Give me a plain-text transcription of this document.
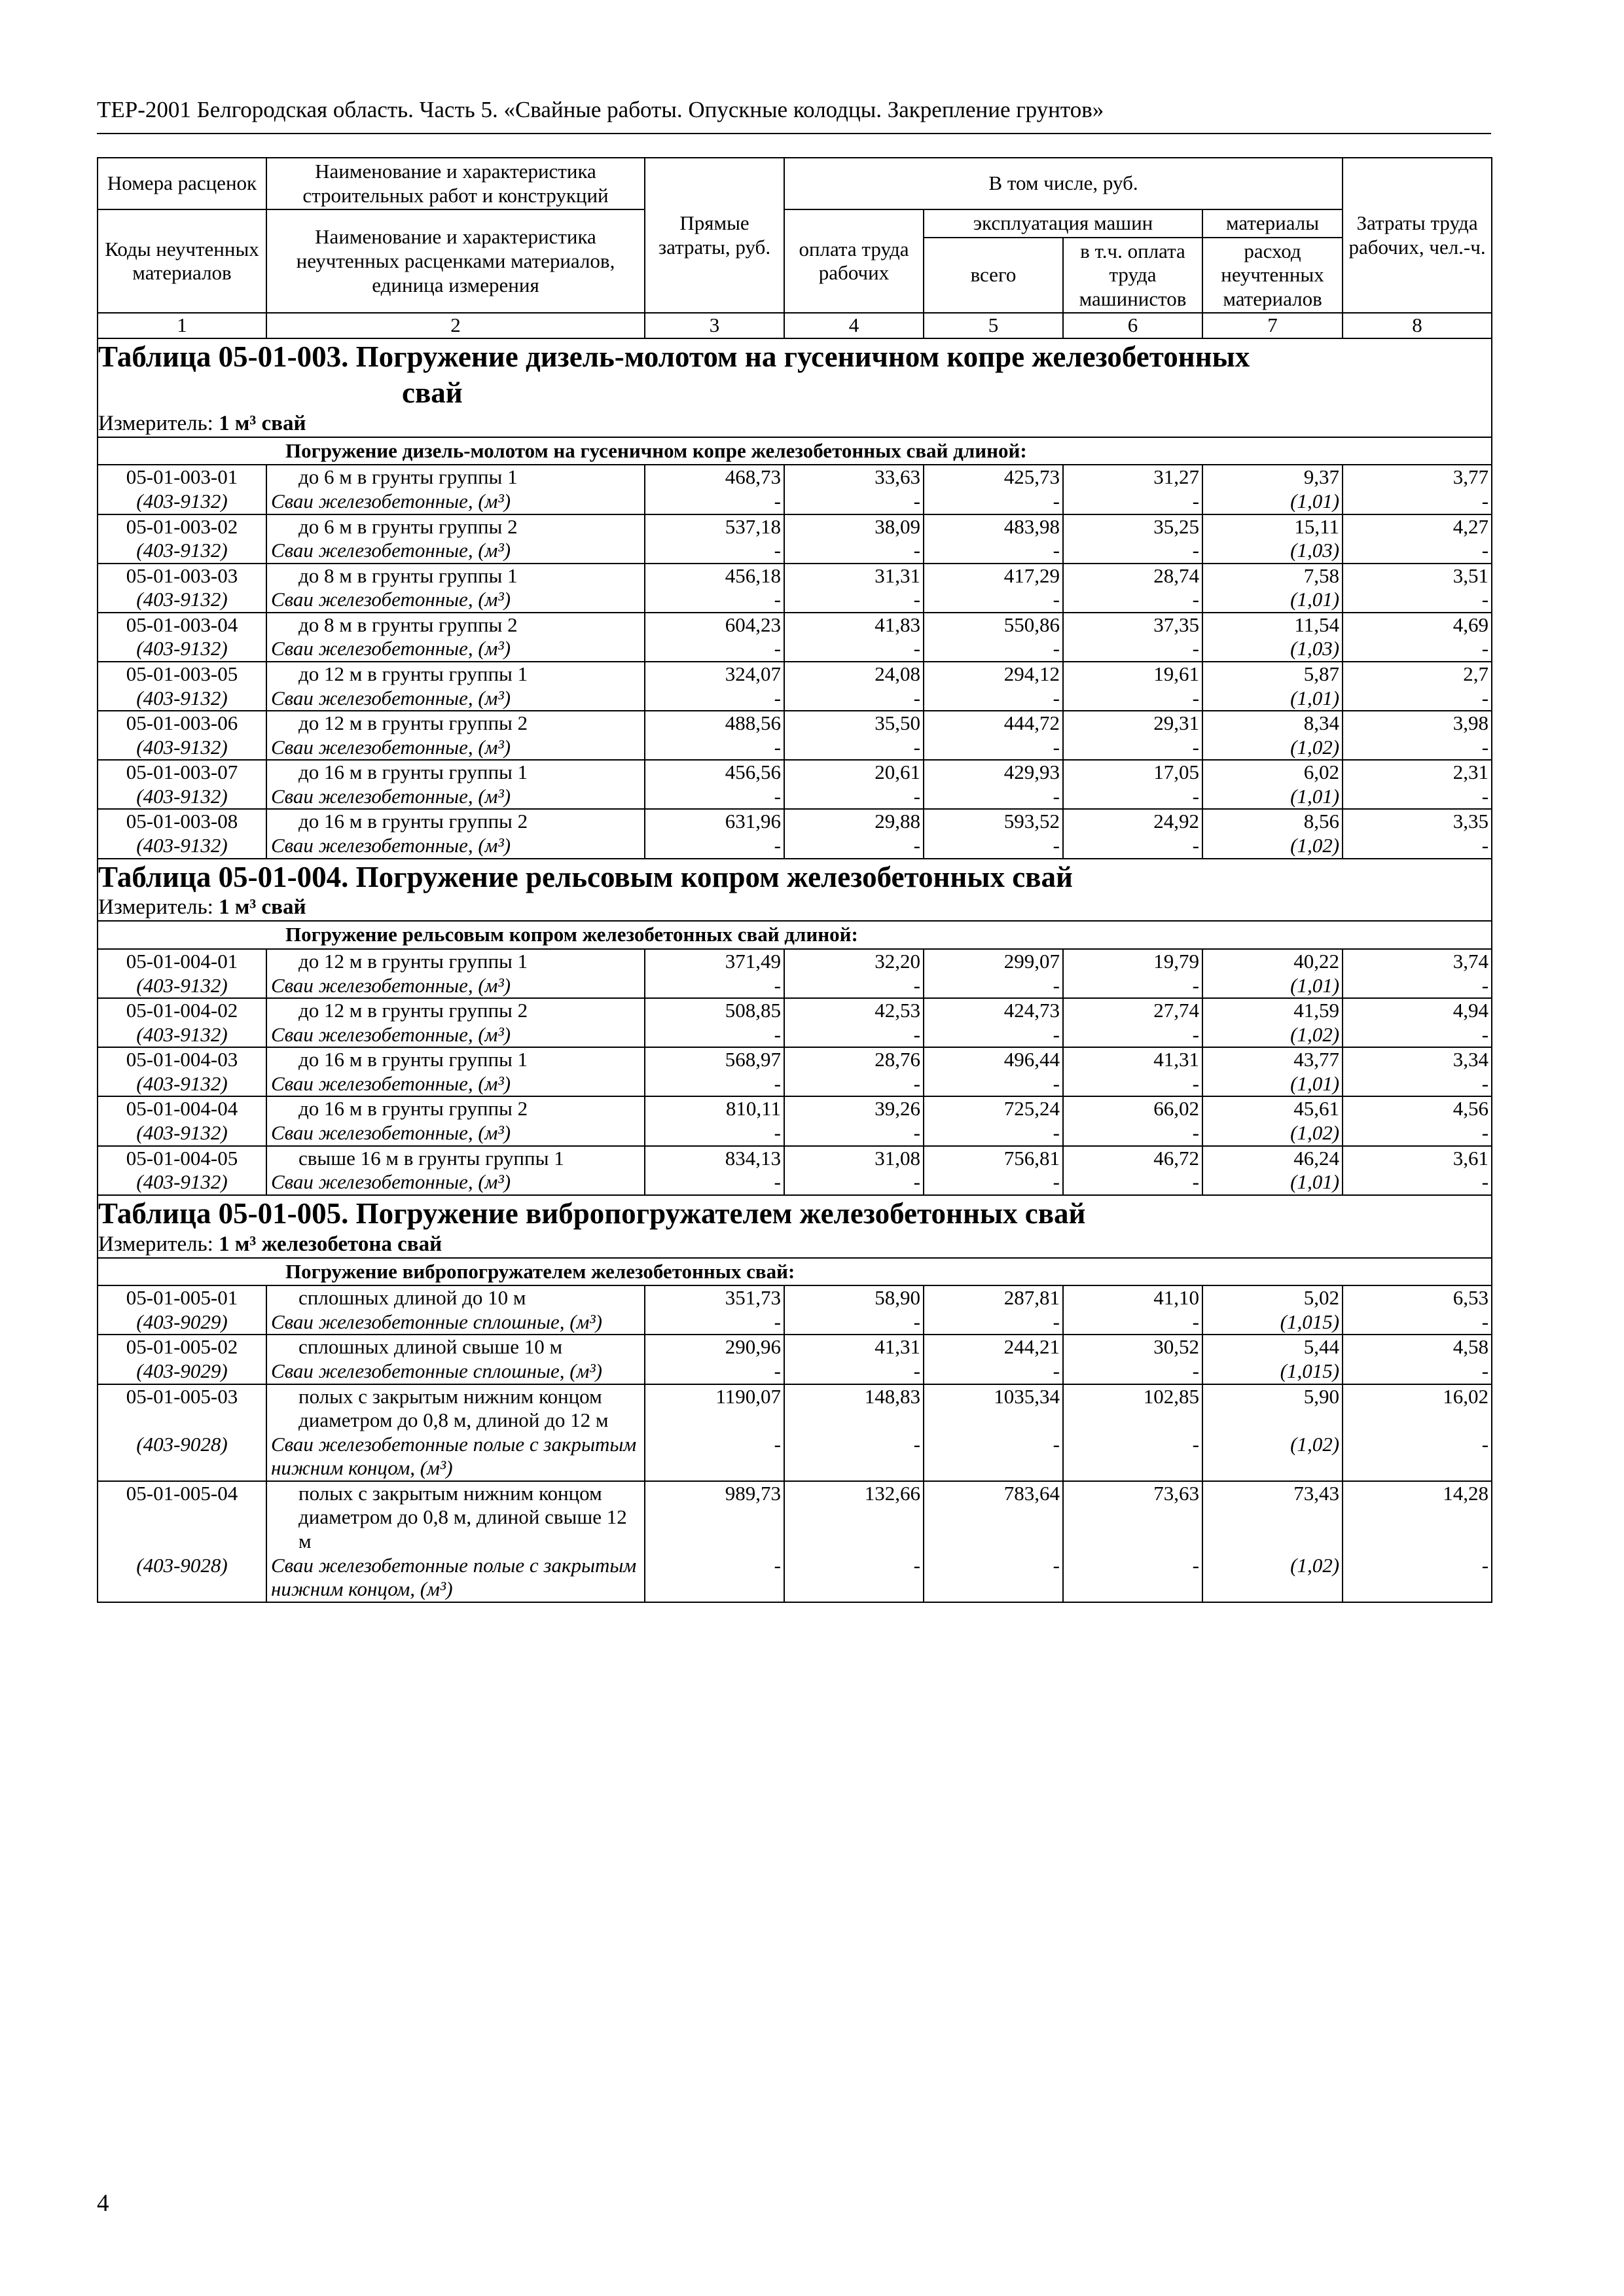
ТЕР-2001 Белгородская область. Часть 5. «Свайные работы. Опускные колодцы. Закрепление грунтов»
Номера расценок	Наименование и характеристика строительных работ и конструкций	Прямые затраты, руб.	В том числе, руб.				Затраты труда рабочих, чел.-ч.
Коды неучтенных материалов	Наименование и характеристика неучтенных расценками материалов, единица измерения		оплата труда рабочих	эксплуатация машин		материалы	
				всего	в т.ч. оплата труда машинистов	расход неучтенных материалов	
1	2	3	4	5	6	7	8
Таблица 05-01-003. Погружение дизель-молотом на гусеничном копре железобетонных
свай							

Измеритель: 1 м³ свай							
Погружение дизель-молотом на гусеничном копре железобетонных свай длиной:							
05-01-003-01	до 6 м в грунты группы 1	468,73	33,63	425,73	31,27	9,37	3,77
(403-9132)	Сваи железобетонные, (м³)	-	-	-	-	(1,01)	-
05-01-003-02	до 6 м в грунты группы 2	537,18	38,09	483,98	35,25	15,11	4,27
(403-9132)	Сваи железобетонные, (м³)	-	-	-	-	(1,03)	-
05-01-003-03	до 8 м в грунты группы 1	456,18	31,31	417,29	28,74	7,58	3,51
(403-9132)	Сваи железобетонные, (м³)	-	-	-	-	(1,01)	-
05-01-003-04	до 8 м в грунты группы 2	604,23	41,83	550,86	37,35	11,54	4,69
(403-9132)	Сваи железобетонные, (м³)	-	-	-	-	(1,03)	-
05-01-003-05	до 12 м в грунты группы 1	324,07	24,08	294,12	19,61	5,87	2,7
(403-9132)	Сваи железобетонные, (м³)	-	-	-	-	(1,01)	-
05-01-003-06	до 12 м в грунты группы 2	488,56	35,50	444,72	29,31	8,34	3,98
(403-9132)	Сваи железобетонные, (м³)	-	-	-	-	(1,02)	-
05-01-003-07	до 16 м в грунты группы 1	456,56	20,61	429,93	17,05	6,02	2,31
(403-9132)	Сваи железобетонные, (м³)	-	-	-	-	(1,01)	-
05-01-003-08	до 16 м в грунты группы 2	631,96	29,88	593,52	24,92	8,56	3,35
(403-9132)	Сваи железобетонные, (м³)	-	-	-	-	(1,02)	-
Таблица 05-01-004. Погружение рельсовым копром железобетонных свай							
Измеритель: 1 м³ свай							
Погружение рельсовым копром железобетонных свай длиной:							
05-01-004-01	до 12 м в грунты группы 1	371,49	32,20	299,07	19,79	40,22	3,74
(403-9132)	Сваи железобетонные, (м³)	-	-	-	-	(1,01)	-
05-01-004-02	до 12 м в грунты группы 2	508,85	42,53	424,73	27,74	41,59	4,94
(403-9132)	Сваи железобетонные, (м³)	-	-	-	-	(1,02)	-
05-01-004-03	до 16 м в грунты группы 1	568,97	28,76	496,44	41,31	43,77	3,34
(403-9132)	Сваи железобетонные, (м³)	-	-	-	-	(1,01)	-
05-01-004-04	до 16 м в грунты группы 2	810,11	39,26	725,24	66,02	45,61	4,56
(403-9132)	Сваи железобетонные, (м³)	-	-	-	-	(1,02)	-
05-01-004-05	свыше 16 м в грунты группы 1	834,13	31,08	756,81	46,72	46,24	3,61
(403-9132)	Сваи железобетонные, (м³)	-	-	-	-	(1,01)	-
Таблица 05-01-005. Погружение вибропогружателем железобетонных свай							
Измеритель: 1 м³ железобетона свай							
Погружение вибропогружателем железобетонных свай:							
05-01-005-01	сплошных длиной до 10 м	351,73	58,90	287,81	41,10	5,02	6,53
(403-9029)	Сваи железобетонные сплошные, (м³)	-	-	-	-	(1,015)	-
05-01-005-02	сплошных длиной свыше 10 м	290,96	41,31	244,21	30,52	5,44	4,58
(403-9029)	Сваи железобетонные сплошные, (м³)	-	-	-	-	(1,015)	-
05-01-005-03	полых с закрытым нижним концом диаметром до 0,8 м, длиной до 12 м	1190,07	148,83	1035,34	102,85	5,90	16,02
(403-9028)	Сваи железобетонные полые с закрытым нижним концом, (м³)	-	-	-	-	(1,02)	-
05-01-005-04	полых с закрытым нижним концом диаметром до 0,8 м, длиной свыше 12 м	989,73	132,66	783,64	73,63	73,43	14,28
(403-9028)	Сваи железобетонные полые с закрытым нижним концом, (м³)	-	-	-	-	(1,02)	-
4
